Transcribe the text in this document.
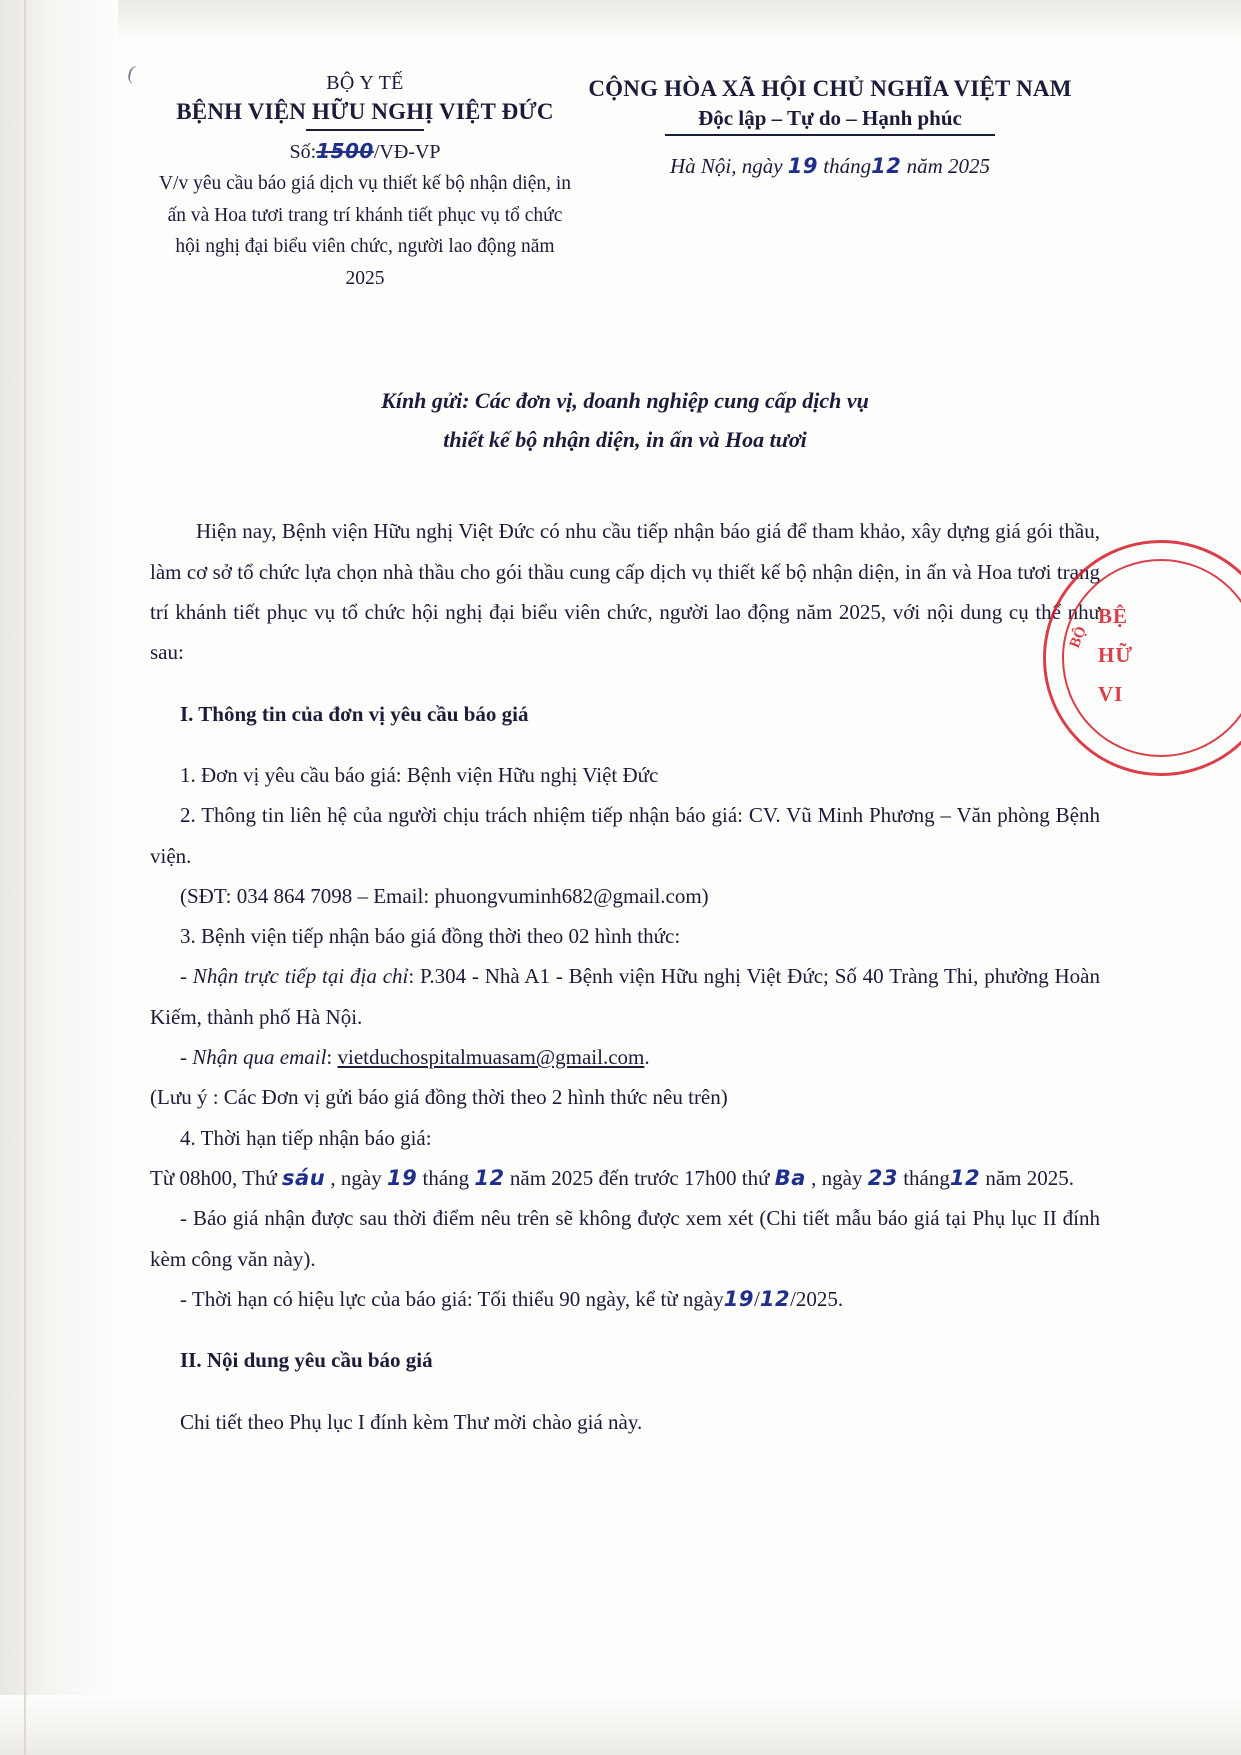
(	BỘ Y TẾ
BỆNH VIỆN HỮU NGHỊ VIỆT ĐỨC
Số:1500/VĐ-VP
V/v yêu cầu báo giá dịch vụ thiết kế bộ nhận diện, in ấn và Hoa tươi trang trí khánh tiết phục vụ tổ chức hội nghị đại biểu viên chức, người lao động năm 2025
CỘNG HÒA XÃ HỘI CHỦ NGHĨA VIỆT NAM
Độc lập – Tự do – Hạnh phúc
Hà Nội, ngày 19 tháng12 năm 2025
Kính gửi: Các đơn vị, doanh nghiệp cung cấp dịch vụ
thiết kế bộ nhận diện, in ấn và Hoa tươi

Hiện nay, Bệnh viện Hữu nghị Việt Đức có nhu cầu tiếp nhận báo giá để tham khảo, xây dựng giá gói thầu, làm cơ sở tổ chức lựa chọn nhà thầu cho gói thầu cung cấp dịch vụ thiết kế bộ nhận diện, in ấn và Hoa tươi trang trí khánh tiết phục vụ tổ chức hội nghị đại biểu viên chức, người lao động năm 2025, với nội dung cụ thể như sau:

I. Thông tin của đơn vị yêu cầu báo giá

1. Đơn vị yêu cầu báo giá: Bệnh viện Hữu nghị Việt Đức

2. Thông tin liên hệ của người chịu trách nhiệm tiếp nhận báo giá: CV. Vũ Minh Phương – Văn phòng Bệnh viện.

(SĐT: 034 864 7098 – Email: phuongvuminh682@gmail.com)

3. Bệnh viện tiếp nhận báo giá đồng thời theo 02 hình thức:

- Nhận trực tiếp tại địa chỉ: P.304 - Nhà A1 - Bệnh viện Hữu nghị Việt Đức; Số 40 Tràng Thi, phường Hoàn Kiếm, thành phố Hà Nội.

- Nhận qua email: vietduchospitalmuasam@gmail.com.

(Lưu ý : Các Đơn vị gửi báo giá đồng thời theo 2 hình thức nêu trên)

4. Thời hạn tiếp nhận báo giá:

Từ 08h00, Thứ sáu , ngày 19 tháng 12 năm 2025 đến trước 17h00 thứ Ba , ngày 23 tháng12 năm 2025.

- Báo giá nhận được sau thời điểm nêu trên sẽ không được xem xét (Chi tiết mẫu báo giá tại Phụ lục II đính kèm công văn này).

- Thời hạn có hiệu lực của báo giá: Tối thiểu 90 ngày, kể từ ngày19/12/2025.

II. Nội dung yêu cầu báo giá

Chi tiết theo Phụ lục I đính kèm Thư mời chào giá này.

BỘ
BỆ
HỮ
VI
